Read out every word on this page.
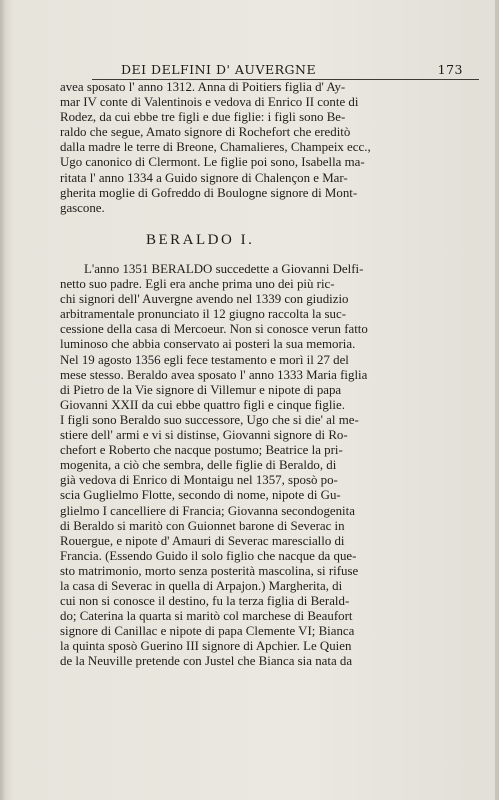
DEI DELFINI D' AUVERGNE	173
avea sposato l' anno 1312. Anna di Poitiers figlia d' Ay-
mar IV conte di Valentinois e vedova di Enrico II conte di
Rodez, da cui ebbe tre figli e due figlie: i figli sono Be-
raldo che segue, Amato signore di Rochefort che ereditò
dalla madre le terre di Breone, Chamalieres, Champeix ecc.,
Ugo canonico di Clermont. Le figlie poi sono, Isabella ma-
ritata l' anno 1334 a Guido signore di Chalençon e Mar-
gherita moglie di Gofreddo di Boulogne signore di Mont-
gascone.
BERALDO I.
L'anno 1351 BERALDO succedette a Giovanni Delfi-
netto suo padre. Egli era anche prima uno dei più ric-
chi signori dell' Auvergne avendo nel 1339 con giudizio
arbitramentale pronunciato il 12 giugno raccolta la suc-
cessione della casa di Mercoeur. Non si conosce verun fatto
luminoso che abbia conservato ai posteri la sua memoria.
Nel 19 agosto 1356 egli fece testamento e morì il 27 del
mese stesso. Beraldo avea sposato l' anno 1333 Maria figlia
di Pietro de la Vie signore di Villemur e nipote di papa
Giovanni XXII da cui ebbe quattro figli e cinque figlie.
I figli sono Beraldo suo successore, Ugo che si die' al me-
stiere dell' armi e vi si distinse, Giovanni signore di Ro-
chefort e Roberto che nacque postumo; Beatrice la pri-
mogenita, a ciò che sembra, delle figlie di Beraldo, di
già vedova di Enrico di Montaigu nel 1357, sposò po-
scia Guglielmo Flotte, secondo di nome, nipote di Gu-
glielmo I cancelliere di Francia; Giovanna secondogenita
di Beraldo si maritò con Guionnet barone di Severac in
Rouergue, e nipote d' Amauri di Severac maresciallo di
Francia. (Essendo Guido il solo figlio che nacque da que-
sto matrimonio, morto senza posterità mascolina, si rifuse
la casa di Severac in quella di Arpajon.) Margherita, di
cui non si conosce il destino, fu la terza figlia di Berald-
do; Caterina la quarta si maritò col marchese di Beaufort
signore di Canillac e nipote di papa Clemente VI; Bianca
la quinta sposò Guerino III signore di Apchier. Le Quien
de la Neuville pretende con Justel che Bianca sia nata da
